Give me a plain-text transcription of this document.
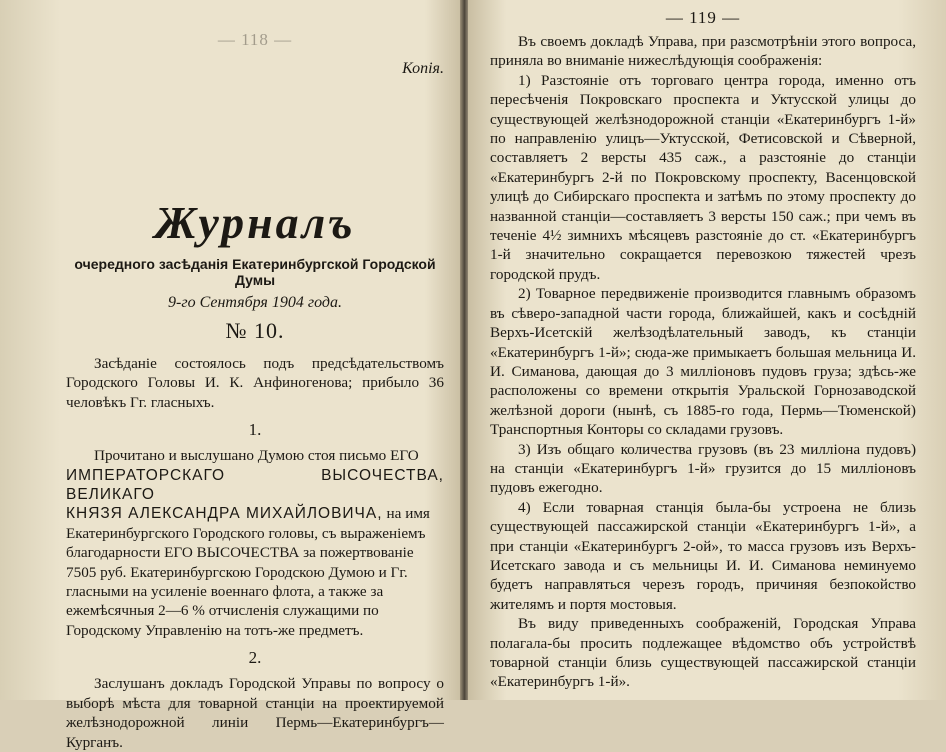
— 118 —
Копія.
Журналъ
очередного засѣданія Екатеринбургской Городской Думы
9-го Сентября 1904 года.
№ 10.

Засѣданіе состоялось подъ предсѣдательствомъ Городского Головы И. К. Анфиногенова; прибыло 36 человѣкъ Гг. гласныхъ.

1.

Прочитано и выслушано Думою стоя письмо ЕГО

ИМПЕРАТОРСКАГО ВЫСОЧЕСТВА, ВЕЛИКАГО

КНЯЗЯ АЛЕКСАНДРА МИХАЙЛОВИЧА,

на имя Екатеринбургского Городского головы, съ выраженіемъ благодарности ЕГО ВЫСОЧЕСТВА за пожертвованіе 7505 руб. Екатеринбургскою Городскою Думою и Гг. гласными на усиленіе военнаго флота, а также за ежемѣсячныя 2—6 % отчисленія служащими по Городскому Управленію на тотъ-же предметъ.

2.

Заслушанъ докладъ Городской Управы по вопросу о выборѣ мѣста для товарной станціи на проектируемой желѣзнодорожной линіи Пермь—Екатеринбургъ—Курганъ.

— 119 —

Въ своемъ докладѣ Управа, при разсмотрѣніи этого вопроса, приняла во вниманіе нижеслѣдующія соображенія:

1) Разстояніе отъ торговаго центра города, именно отъ пересѣченія Покровскаго проспекта и Уктусской улицы до существующей желѣзнодорожной станціи «Екатеринбургъ 1-й» по направленію улицъ—Уктусской, Фетисовской и Сѣверной, составляетъ 2 версты 435 саж., а разстояніе до станціи «Екатеринбургъ 2-й по Покровскому проспекту, Васенцовской улицѣ до Сибирскаго проспекта и затѣмъ по этому проспекту до названной станціи—составляетъ 3 версты 150 саж.; при чемъ въ теченіе 4½ зимнихъ мѣсяцевъ разстояніе до ст. «Екатеринбургъ 1-й значительно сокращается перевозкою тяжестей чрезъ городской прудъ.

2) Товарное передвиженіе производится главнымъ образомъ въ сѣверо-западной части города, ближайшей, какъ и сосѣдній Верхъ-Исетскій желѣзодѣлательный заводъ, къ станціи «Екатеринбургъ 1-й»; сюда-же примыкаетъ большая мельница И. И. Симанова, дающая до 3 милліоновъ пудовъ груза; здѣсь-же расположены со времени открытія Уральской Горнозаводской желѣзной дороги (нынѣ, съ 1885-го года, Пермь—Тюменской) Транспортныя Конторы со складами грузовъ.

3) Изъ общаго количества грузовъ (въ 23 милліона пудовъ) на станціи «Екатеринбургъ 1-й» грузится до 15 милліоновъ пудовъ ежегодно.

4) Если товарная станція была-бы устроена не близь существующей пассажирской станціи «Екатеринбургъ 1-й», а при станціи «Екатеринбургъ 2-ой», то масса грузовъ изъ Верхъ-Исетскаго завода и съ мельницы И. И. Симанова неминуемо будетъ направляться черезъ городъ, причиняя безпокойство жителямъ и портя мостовыя.

Въ виду приведенныхъ соображеній, Городская Управа полагала-бы просить подлежащее вѣдомство объ устройствѣ товарной станціи близь существующей пассажирской станціи «Екатеринбургъ 1-й».
